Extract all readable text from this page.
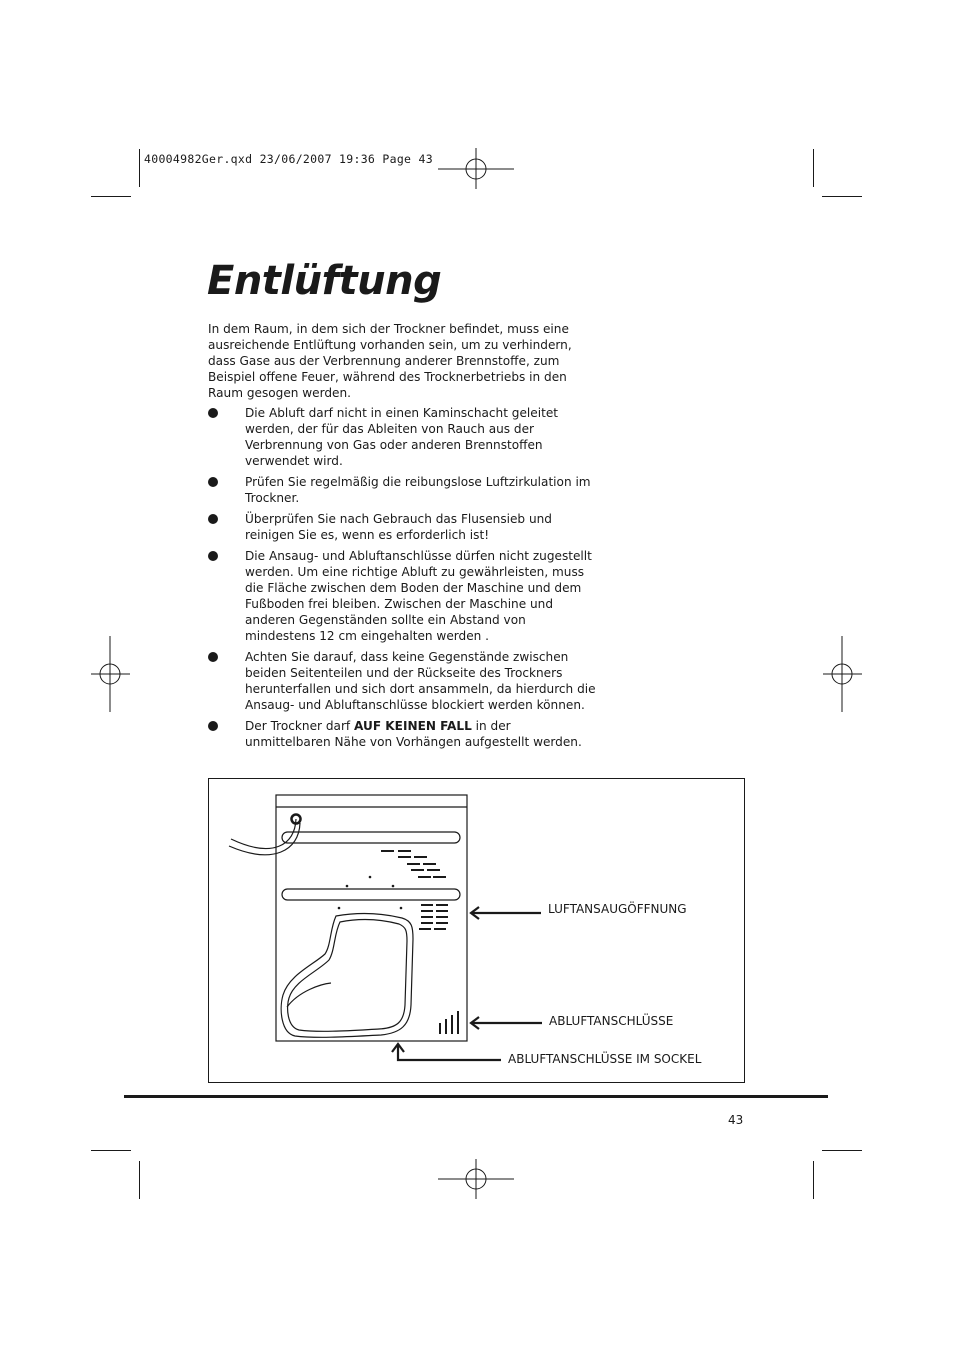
40004982Ger.qxd 23/06/2007 19:36 Page 43
Entlüftung

In dem Raum, in dem sich der Trockner befindet, muss eine ausreichende Entlüftung vorhanden sein, um zu verhindern, dass Gase aus der Verbrennung anderer Brennstoffe, zum Beispiel offene Feuer, während des Trocknerbetriebs in den Raum gesogen werden.

Die Abluft darf nicht in einen Kaminschacht geleitet werden, der für das Ableiten von Rauch aus der Verbrennung von Gas oder anderen Brennstoffen verwendet wird.
Prüfen Sie regelmäßig die reibungslose Luftzirkulation im Trockner.
Überprüfen Sie nach Gebrauch das Flusensieb und reinigen Sie es, wenn es erforderlich ist!
Die Ansaug- und Abluftanschlüsse dürfen nicht zugestellt werden. Um eine richtige Abluft zu gewährleisten, muss die Fläche zwischen dem Boden der Maschine und dem Fußboden frei bleiben. Zwischen der Maschine und anderen Gegenständen sollte ein Abstand von mindestens 12 cm eingehalten werden .
Achten Sie darauf, dass keine Gegenstände zwischen beiden Seitenteilen und der Rückseite des Trockners herunterfallen und sich dort ansammeln, da hierdurch die Ansaug- und Abluftanschlüsse blockiert werden können.
Der Trockner darf AUF KEINEN FALL in der unmittelbaren Nähe von Vorhängen aufgestellt werden.
LUFTANSAUGÖFFNUNG
ABLUFTANSCHLÜSSE
ABLUFTANSCHLÜSSE IM SOCKEL
43
